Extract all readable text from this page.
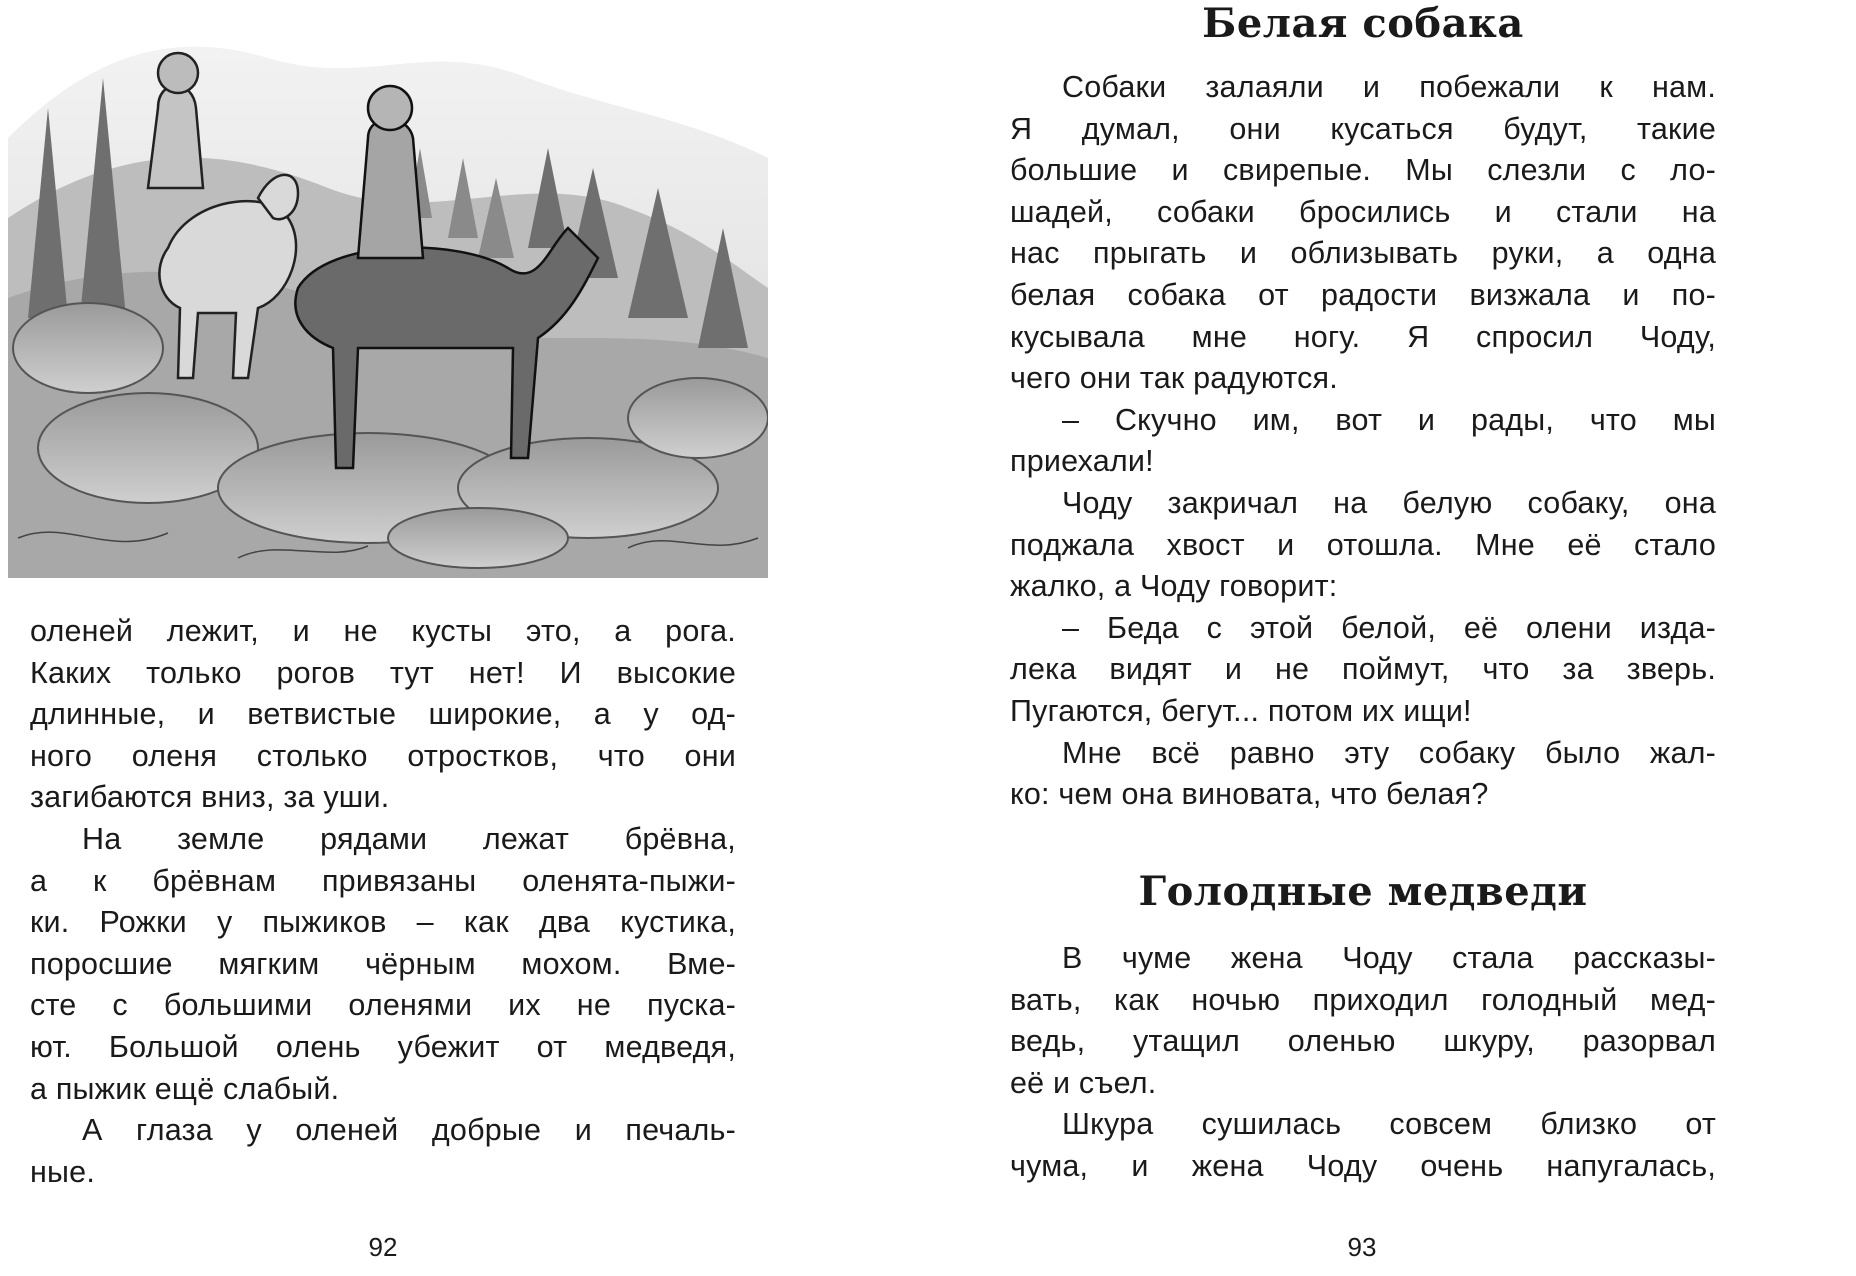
оленей лежит, и не кусты это, а рога.

Каких только рогов тут нет! И высокие

длинные, и ветвистые широкие, а у од-

ного оленя столько отростков, что они

загибаются вниз, за уши.

На земле рядами лежат брёвна,

а к брёвнам привязаны оленята-пыжи-

ки. Рожки у пыжиков – как два кустика,

поросшие мягким чёрным мохом. Вме-

сте с большими оленями их не пуска-

ют. Большой олень убежит от медведя,

а пыжик ещё слабый.

А глаза у оленей добрые и печаль-

ные.

92
Белая собака

Собаки залаяли и побежали к нам.

Я думал, они кусаться будут, такие

большие и свирепые. Мы слезли с ло-

шадей, собаки бросились и стали на

нас прыгать и облизывать руки, а одна

белая собака от радости визжала и по-

кусывала мне ногу. Я спросил Чоду,

чего они так радуются.

– Скучно им, вот и рады, что мы

приехали!

Чоду закричал на белую собаку, она

поджала хвост и отошла. Мне её стало

жалко, а Чоду говорит:

– Беда с этой белой, её олени изда-

лека видят и не поймут, что за зверь.

Пугаются, бегут... потом их ищи!

Мне всё равно эту собаку было жал-

ко: чем она виновата, что белая?

Голодные медведи

В чуме жена Чоду стала рассказы-

вать, как ночью приходил голодный мед-

ведь, утащил оленью шкуру, разорвал

её и съел.

Шкура сушилась совсем близко от

чума, и жена Чоду очень напугалась,

93
